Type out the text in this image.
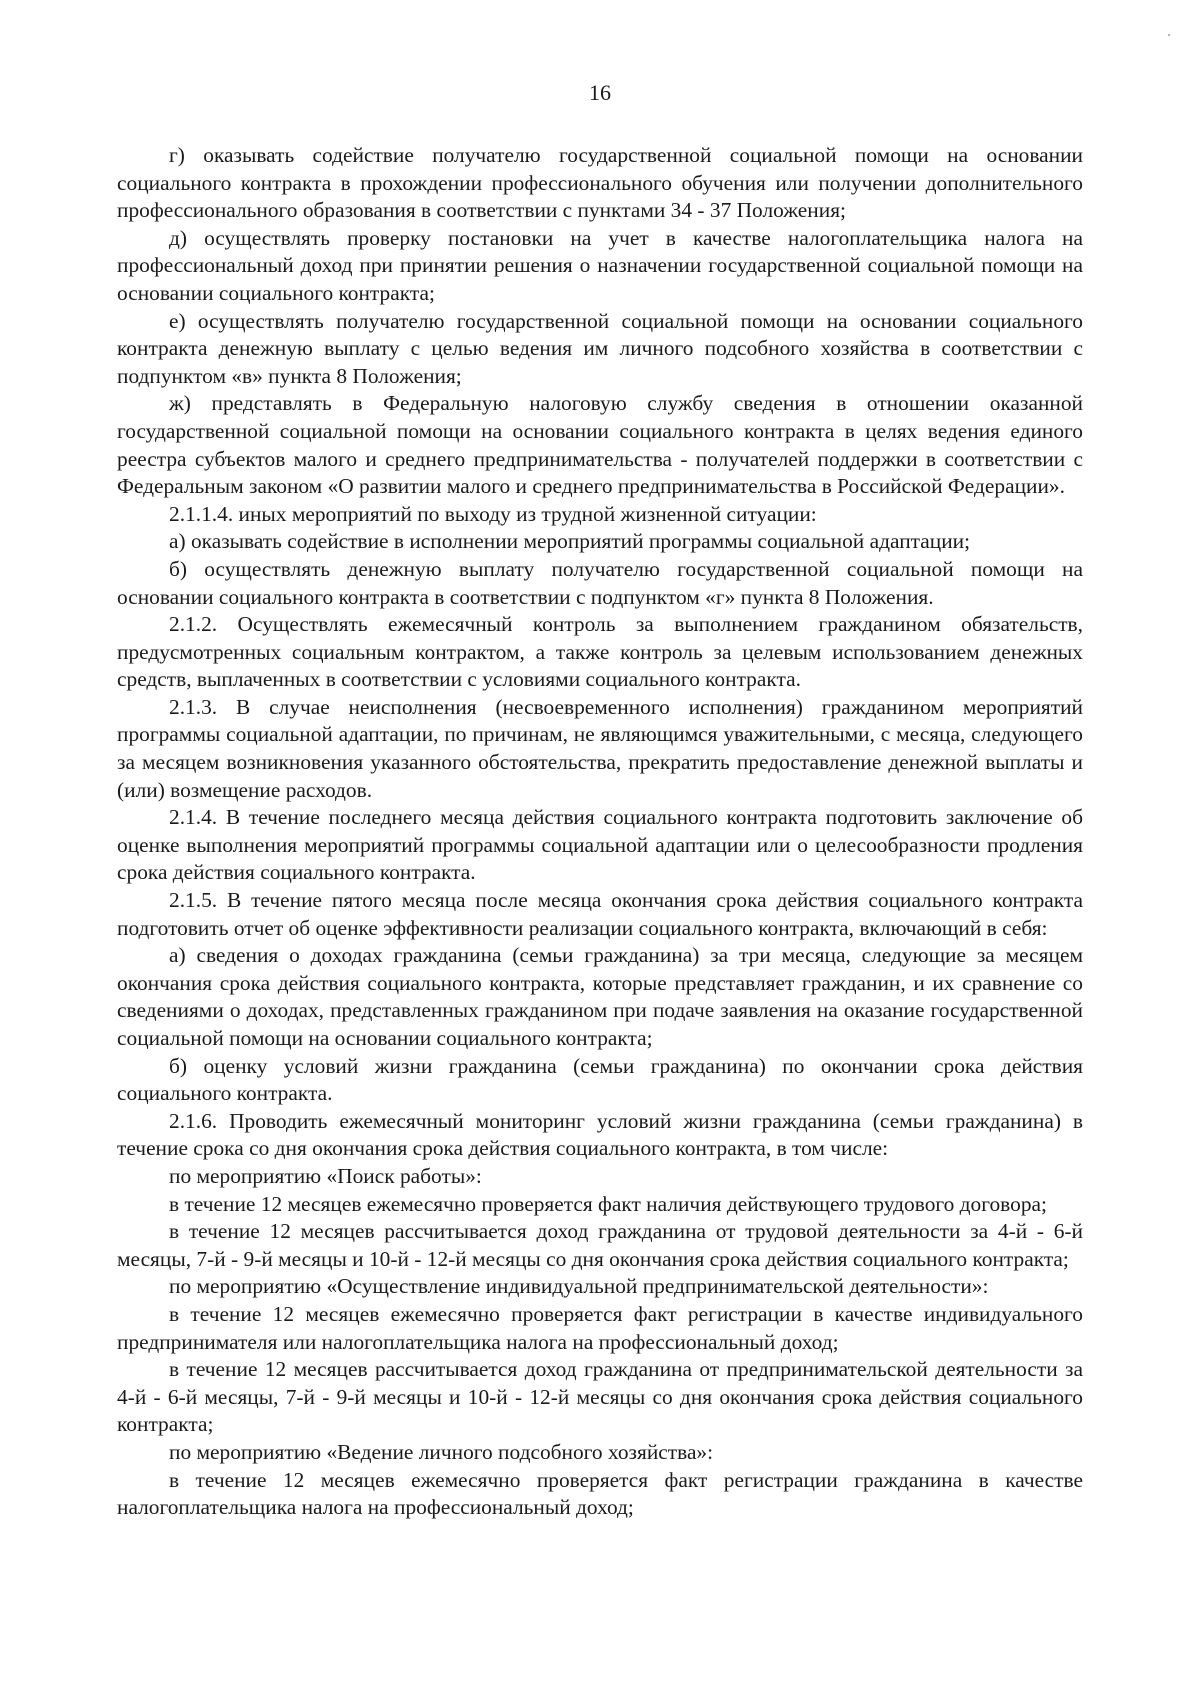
16

г) оказывать содействие получателю государственной социальной помощи на основании социального контракта в прохождении профессионального обучения или получении дополнительного профессионального образования в соответствии с пунктами 34 - 37 Положения;

д) осуществлять проверку постановки на учет в качестве налогоплательщика налога на профессиональный доход при принятии решения о назначении государственной социальной помощи на основании социального контракта;

е) осуществлять получателю государственной социальной помощи на основании социального контракта денежную выплату с целью ведения им личного подсобного хозяйства в соответствии с подпунктом «в» пункта 8 Положения;

ж) представлять в Федеральную налоговую службу сведения в отношении оказанной государственной социальной помощи на основании социального контракта в целях ведения единого реестра субъектов малого и среднего предпринимательства - получателей поддержки в соответствии с Федеральным законом «О развитии малого и среднего предпринимательства в Российской Федерации».

2.1.1.4. иных мероприятий по выходу из трудной жизненной ситуации:

а) оказывать содействие в исполнении мероприятий программы социальной адаптации;

б) осуществлять денежную выплату получателю государственной социальной помощи на основании социального контракта в соответствии с подпунктом «г» пункта 8 Положения.

2.1.2. Осуществлять ежемесячный контроль за выполнением гражданином обязательств, предусмотренных социальным контрактом, а также контроль за целевым использованием денежных средств, выплаченных в соответствии с условиями социального контракта.

2.1.3. В случае неисполнения (несвоевременного исполнения) гражданином мероприятий программы социальной адаптации, по причинам, не являющимся уважительными, с месяца, следующего за месяцем возникновения указанного обстоятельства, прекратить предоставление денежной выплаты и (или) возмещение расходов.

2.1.4. В течение последнего месяца действия социального контракта подготовить заключение об оценке выполнения мероприятий программы социальной адаптации или о целесообразности продления срока действия социального контракта.

2.1.5. В течение пятого месяца после месяца окончания срока действия социального контракта подготовить отчет об оценке эффективности реализации социального контракта, включающий в себя:

а) сведения о доходах гражданина (семьи гражданина) за три месяца, следующие за месяцем окончания срока действия социального контракта, которые представляет гражданин, и их сравнение со сведениями о доходах, представленных гражданином при подаче заявления на оказание государственной социальной помощи на основании социального контракта;

б) оценку условий жизни гражданина (семьи гражданина) по окончании срока действия социального контракта.

2.1.6. Проводить ежемесячный мониторинг условий жизни гражданина (семьи гражданина) в течение срока со дня окончания срока действия социального контракта, в том числе:

по мероприятию «Поиск работы»:

в течение 12 месяцев ежемесячно проверяется факт наличия действующего трудового договора;

в течение 12 месяцев рассчитывается доход гражданина от трудовой деятельности за 4-й - 6-й месяцы, 7-й - 9-й месяцы и 10-й - 12-й месяцы со дня окончания срока действия социального контракта;

по мероприятию «Осуществление индивидуальной предпринимательской деятельности»:

в течение 12 месяцев ежемесячно проверяется факт регистрации в качестве индивидуального предпринимателя или налогоплательщика налога на профессиональный доход;

в течение 12 месяцев рассчитывается доход гражданина от предпринимательской деятельности за 4-й - 6-й месяцы, 7-й - 9-й месяцы и 10-й - 12-й месяцы со дня окончания срока действия социального контракта;

по мероприятию «Ведение личного подсобного хозяйства»:

в течение 12 месяцев ежемесячно проверяется факт регистрации гражданина в качестве налогоплательщика налога на профессиональный доход;
